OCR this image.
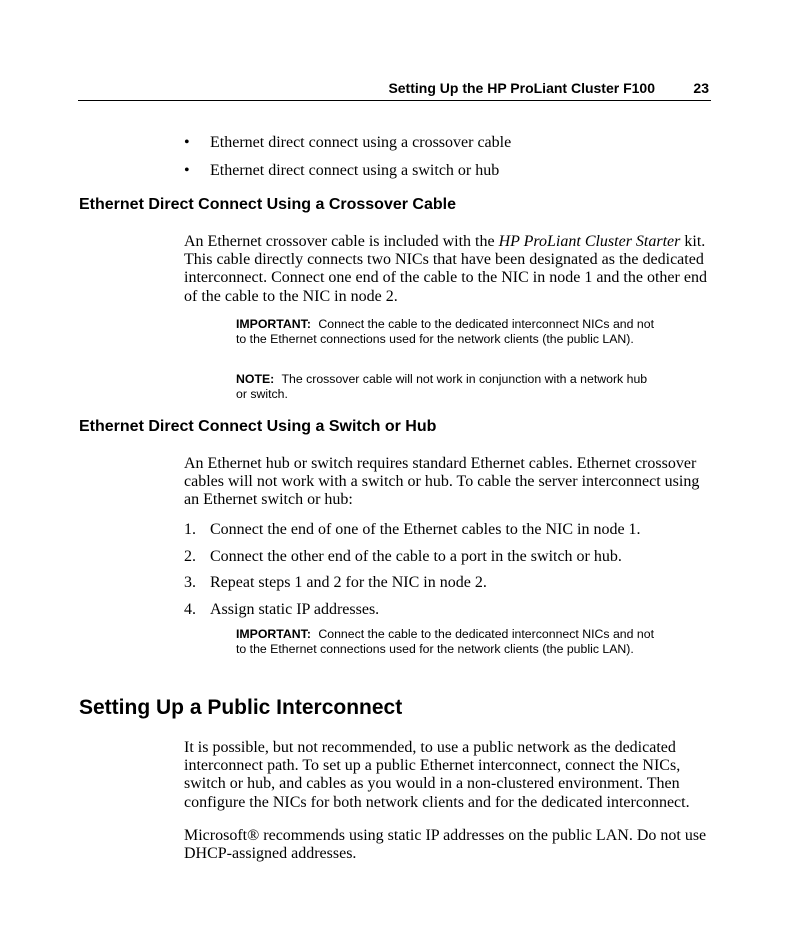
Setting Up the HP ProLiant Cluster F100	23
• Ethernet direct connect using a crossover cable
• Ethernet direct connect using a switch or hub
Ethernet Direct Connect Using a Crossover Cable

An Ethernet crossover cable is included with the HP ProLiant Cluster Starter kit. This cable directly connects two NICs that have been designated as the dedicated interconnect. Connect one end of the cable to the NIC in node 1 and the other end of the cable to the NIC in node 2.

IMPORTANT: Connect the cable to the dedicated interconnect NICs and not to the Ethernet connections used for the network clients (the public LAN).

NOTE: The crossover cable will not work in conjunction with a network hub or switch.

Ethernet Direct Connect Using a Switch or Hub

An Ethernet hub or switch requires standard Ethernet cables. Ethernet crossover cables will not work with a switch or hub. To cable the server interconnect using an Ethernet switch or hub:

1. Connect the end of one of the Ethernet cables to the NIC in node 1.
2. Connect the other end of the cable to a port in the switch or hub.
3. Repeat steps 1 and 2 for the NIC in node 2.
4. Assign static IP addresses.

IMPORTANT: Connect the cable to the dedicated interconnect NICs and not to the Ethernet connections used for the network clients (the public LAN).

Setting Up a Public Interconnect

It is possible, but not recommended, to use a public network as the dedicated interconnect path. To set up a public Ethernet interconnect, connect the NICs, switch or hub, and cables as you would in a non-clustered environment. Then configure the NICs for both network clients and for the dedicated interconnect.

Microsoft® recommends using static IP addresses on the public LAN. Do not use DHCP-assigned addresses.
